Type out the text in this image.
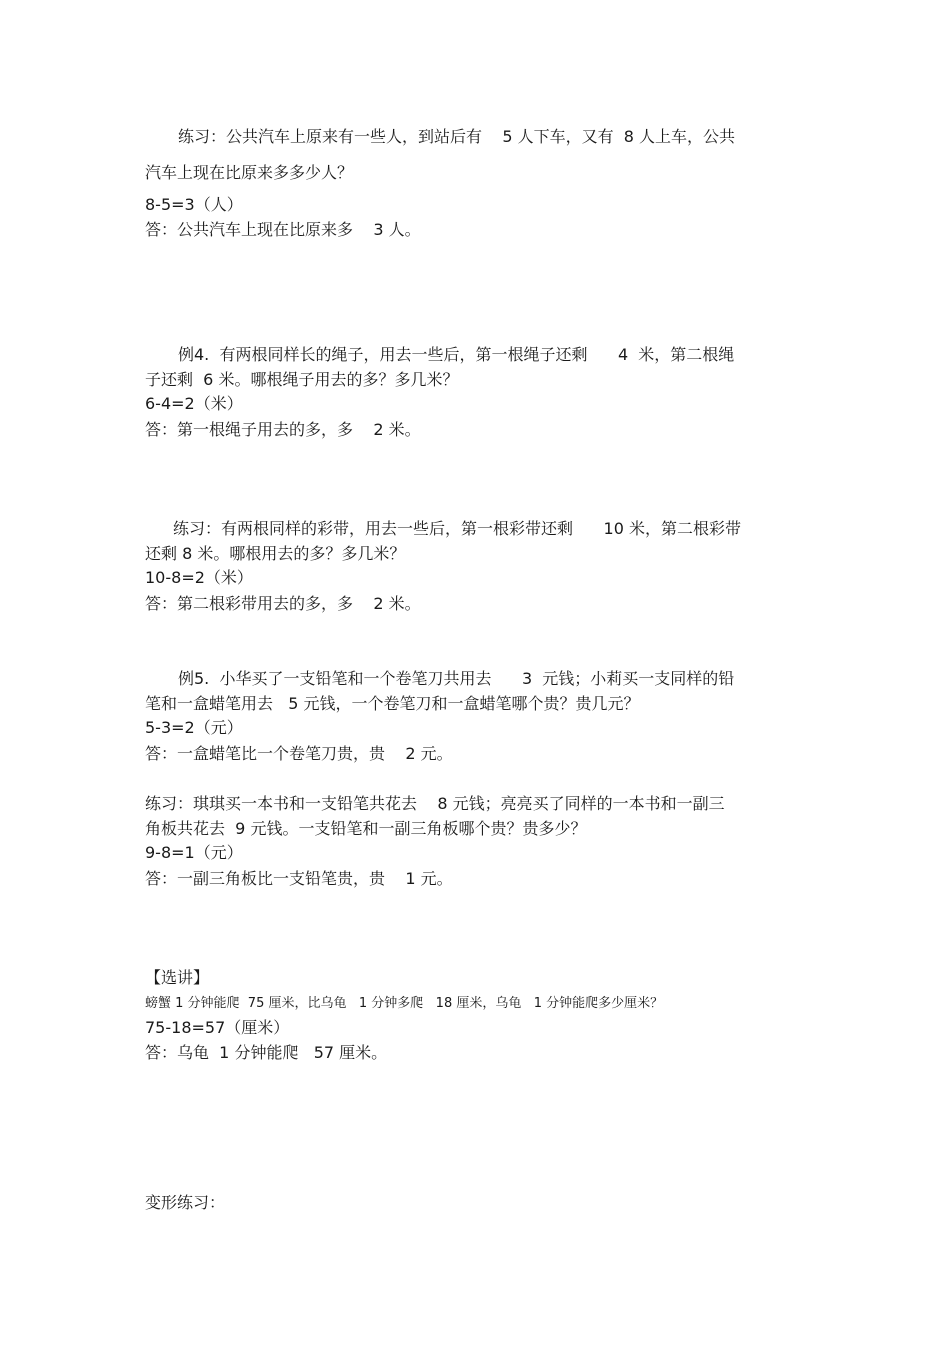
练习：公共汽车上原来有一些人，到站后有    5 人下车，又有  8 人上车，公共
汽车上现在比原来多多少人？
8-5=3（人）
答：公共汽车上现在比原来多    3 人。
例4.  有两根同样长的绳子，用去一些后，第一根绳子还剩      4  米，第二根绳
子还剩  6 米。哪根绳子用去的多？多几米？
6-4=2（米）
答：第一根绳子用去的多，多    2 米。
练习：有两根同样的彩带，用去一些后，第一根彩带还剩      10 米，第二根彩带
还剩 8 米。哪根用去的多？多几米？
10-8=2（米）
答：第二根彩带用去的多，多    2 米。
例5.  小华买了一支铅笔和一个卷笔刀共用去      3  元钱；小莉买一支同样的铅
笔和一盒蜡笔用去   5 元钱，一个卷笔刀和一盒蜡笔哪个贵？贵几元？
5-3=2（元）
答：一盒蜡笔比一个卷笔刀贵，贵    2 元。
练习：琪琪买一本书和一支铅笔共花去    8 元钱；亮亮买了同样的一本书和一副三
角板共花去  9 元钱。一支铅笔和一副三角板哪个贵？贵多少？
9-8=1（元）
答：一副三角板比一支铅笔贵，贵    1 元。
【选讲】
螃蟹 1 分钟能爬  75 厘米，比乌龟   1 分钟多爬   18 厘米，乌龟   1 分钟能爬多少厘米？
75-18=57（厘米）
答：乌龟  1 分钟能爬   57 厘米。
变形练习：
